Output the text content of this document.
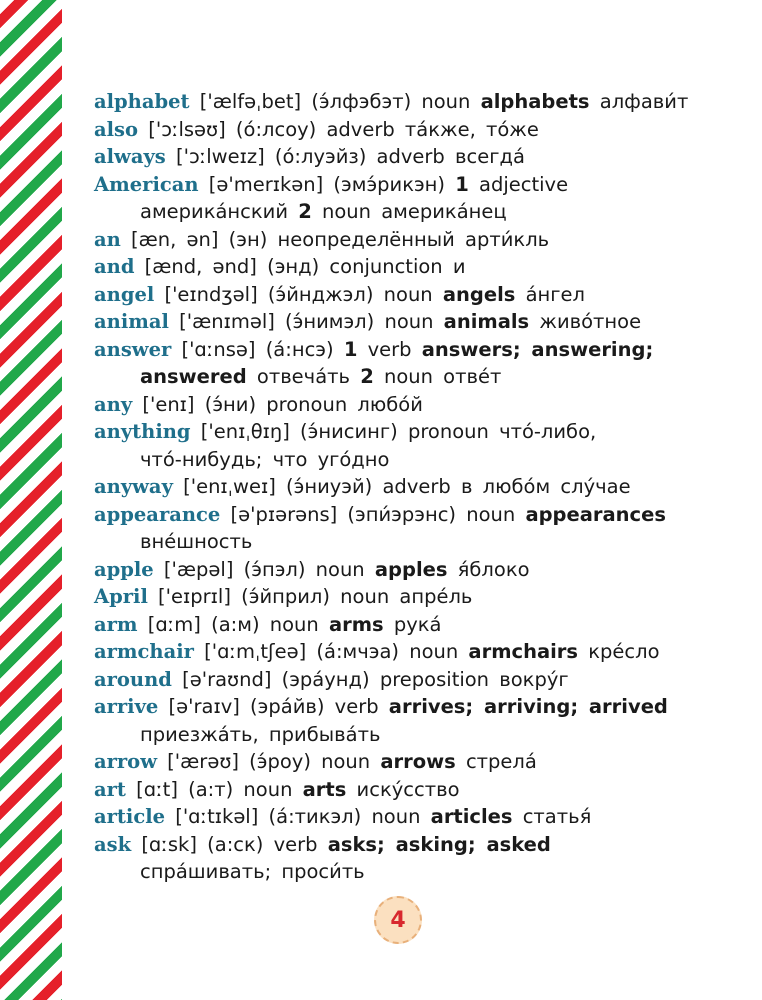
alphabet ['ælfəˌbet] (э́лфэбэт) noun alphabets алфави́т
also ['ɔːlsəʊ] (о́:лсоу) adverb та́кже, то́же
always ['ɔːlweɪz] (о́:луэйз) adverb всегда́
American [ə'merɪkən] (эмэ́рикэн) 1 adjective
америка́нский 2 noun америка́нец
an [æn, ən] (эн) неопределённый арти́кль
and [ænd, ənd] (энд) conjunction и
angel ['eɪndʒəl] (э́йнджэл) noun angels а́нгел
animal ['ænɪməl] (э́нимэл) noun animals живо́тное
answer ['ɑːnsə] (а́:нсэ) 1 verb answers; answering;
answered отвеча́ть 2 noun отве́т
any ['enɪ] (э́ни) pronoun любо́й
anything ['enɪˌθɪŋ] (э́нисинг) pronoun что́-либо,
что́-нибудь; что уго́дно
anyway ['enɪˌweɪ] (э́ниуэй) adverb в любо́м слу́чае
appearance [ə'pɪərəns] (эпи́эрэнс) noun appearances
вне́шность
apple ['æpəl] (э́пэл) noun apples я́блоко
April ['eɪprɪl] (э́йприл) noun апре́ль
arm [ɑːm] (а:м) noun arms рука́
armchair ['ɑːmˌtʃeə] (а́:мчэа) noun armchairs кре́сло
around [ə'raʊnd] (эра́унд) preposition вокру́г
arrive [ə'raɪv] (эра́йв) verb arrives; arriving; arrived
приезжа́ть, прибыва́ть
arrow ['ærəʊ] (э́роу) noun arrows стрела́
art [ɑːt] (а:т) noun arts иску́сство
article ['ɑːtɪkəl] (а́:тикэл) noun articles статья́
ask [ɑːsk] (а:ск) verb asks; asking; asked
спра́шивать; проси́ть
4
